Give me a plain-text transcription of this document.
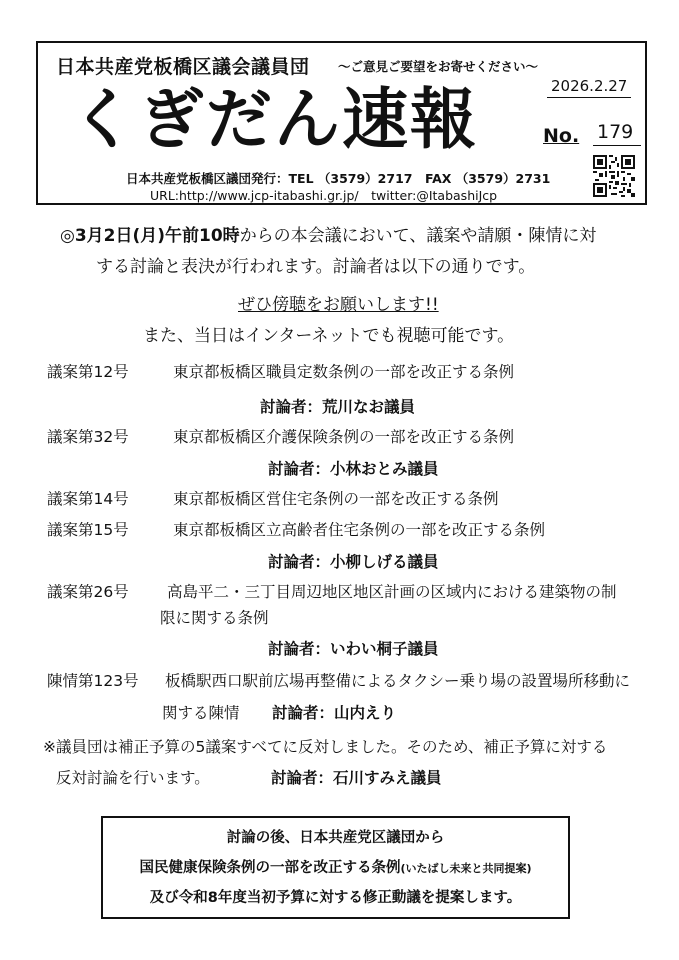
日本共産党板橋区議会議員団 ～ご意見ご要望をお寄せください～
2026.2.27
くぎだん速報	No. 179
日本共産党板橋区議団発行：TEL （3579）2717　FAX （3579）2731
URL:http://www.jcp-itabashi.gr.jp/　twitter:@ItabashiJcp
◎3月2日(月)午前10時からの本会議において、議案や請願・陳情に対
する討論と表決が行われます。討論者は以下の通りです。
ぜひ傍聴をお願いします!!
また、当日はインターネットでも視聴可能です。
議案第12号	東京都板橋区職員定数条例の一部を改正する条例
討論者：荒川なお議員
議案第32号	東京都板橋区介護保険条例の一部を改正する条例
討論者：小林おとみ議員
議案第14号	東京都板橋区営住宅条例の一部を改正する条例
議案第15号	東京都板橋区立高齢者住宅条例の一部を改正する条例
討論者：小柳しげる議員
議案第26号 高島平二・三丁目周辺地区地区計画の区域内における建築物の制
限に関する条例
討論者：いわい桐子議員
陳情第123号 板橋駅西口駅前広場再整備によるタクシー乗り場の設置場所移動に
関する陳情 討論者：山内えり
※議員団は補正予算の5議案すべてに反対しました。そのため、補正予算に対する
反対討論を行います。	討論者：石川すみえ議員
討論の後、日本共産党区議団から
国民健康保険条例の一部を改正する条例(いたばし未来と共同提案)
及び令和8年度当初予算に対する修正動議を提案します。
